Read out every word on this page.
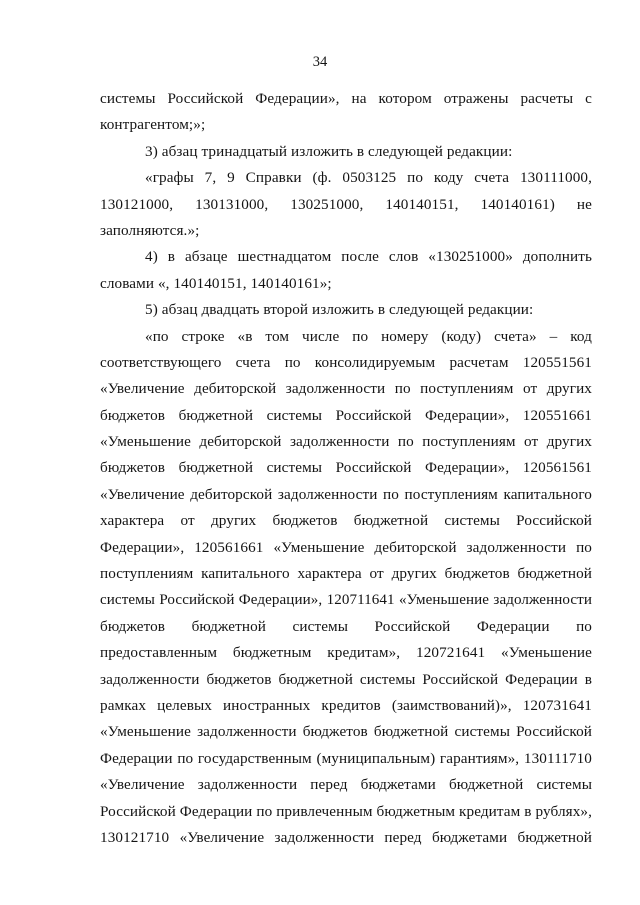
34
системы Российской Федерации», на котором отражены расчеты с
контрагентом;»;
3) абзац тринадцатый изложить в следующей редакции:
«графы 7, 9 Справки (ф. 0503125 по коду счета 130111000,
130121000, 130131000, 130251000, 140140151, 140140161) не
заполняются.»;
4) в абзаце шестнадцатом после слов «130251000» дополнить
словами «, 140140151, 140140161»;
5) абзац двадцать второй изложить в следующей редакции:
«по строке «в том числе по номеру (коду) счета» – код
соответствующего счета по консолидируемым расчетам 120551561
«Увеличение дебиторской задолженности по поступлениям от других
бюджетов бюджетной системы Российской Федерации», 120551661
«Уменьшение дебиторской задолженности по поступлениям от других
бюджетов бюджетной системы Российской Федерации», 120561561
«Увеличение дебиторской задолженности по поступлениям капитального
характера от других бюджетов бюджетной системы Российской
Федерации», 120561661 «Уменьшение дебиторской задолженности по
поступлениям капитального характера от других бюджетов бюджетной
системы Российской Федерации», 120711641 «Уменьшение задолженности
бюджетов бюджетной системы Российской Федерации по
предоставленным бюджетным кредитам», 120721641 «Уменьшение
задолженности бюджетов бюджетной системы Российской Федерации в
рамках целевых иностранных кредитов (заимствований)», 120731641
«Уменьшение задолженности бюджетов бюджетной системы Российской
Федерации по государственным (муниципальным) гарантиям», 130111710
«Увеличение задолженности перед бюджетами бюджетной системы
Российской Федерации по привлеченным бюджетным кредитам в рублях»,
130121710 «Увеличение задолженности перед бюджетами бюджетной
